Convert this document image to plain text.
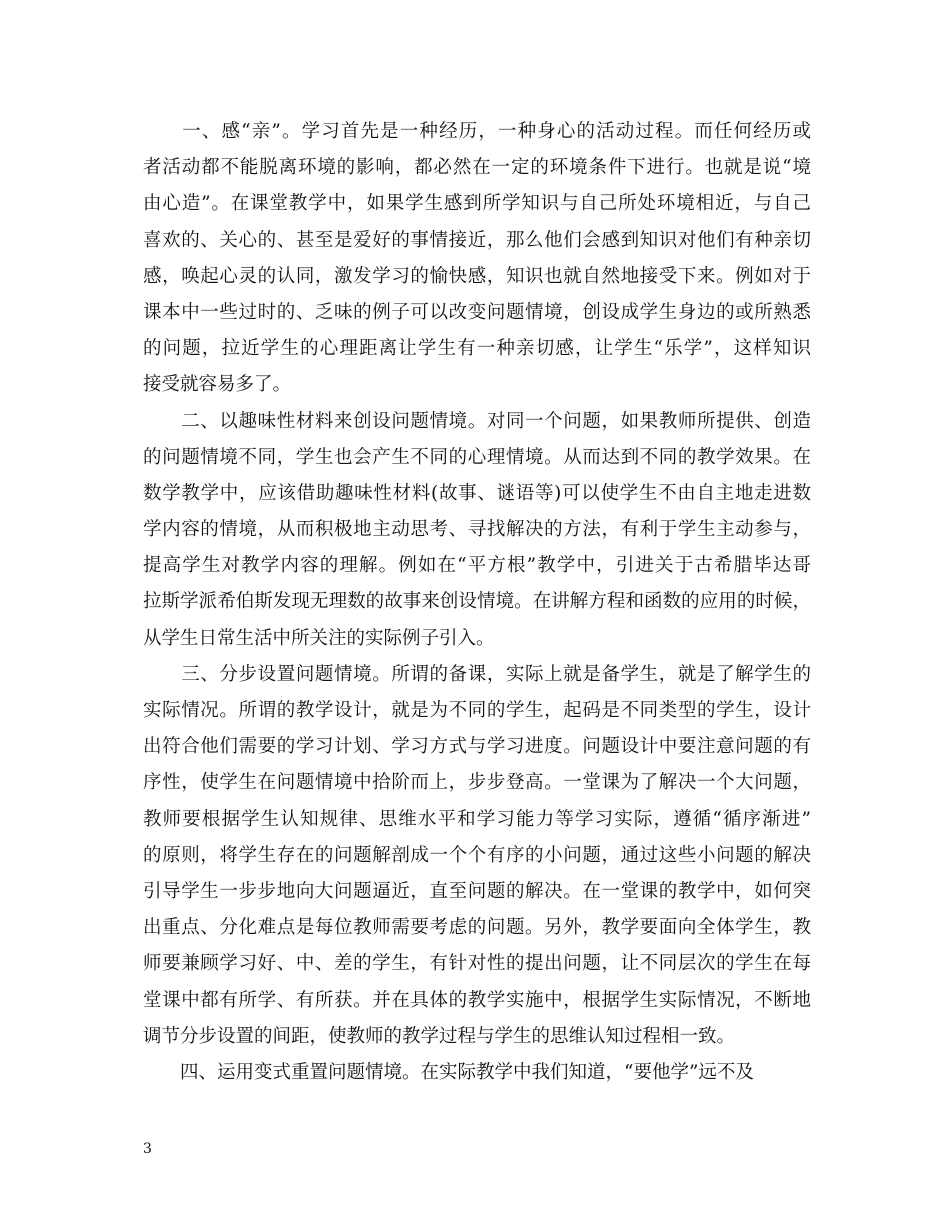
　　一、感“亲”。学习首先是一种经历，一种身心的活动过程。而任何经历或
者活动都不能脱离环境的影响，都必然在一定的环境条件下进行。也就是说“境
由心造”。在课堂教学中，如果学生感到所学知识与自己所处环境相近，与自己
喜欢的、关心的、甚至是爱好的事情接近，那么他们会感到知识对他们有种亲切
感，唤起心灵的认同，激发学习的愉快感，知识也就自然地接受下来。例如对于
课本中一些过时的、乏味的例子可以改变问题情境，创设成学生身边的或所熟悉
的问题，拉近学生的心理距离让学生有一种亲切感，让学生“乐学”，这样知识
接受就容易多了。
　　二、以趣味性材料来创设问题情境。对同一个问题，如果教师所提供、创造
的问题情境不同，学生也会产生不同的心理情境。从而达到不同的教学效果。在
数学教学中，应该借助趣味性材料(故事、谜语等)可以使学生不由自主地走进数
学内容的情境，从而积极地主动思考、寻找解决的方法，有利于学生主动参与，
提高学生对教学内容的理解。例如在“平方根”教学中，引进关于古希腊毕达哥
拉斯学派希伯斯发现无理数的故事来创设情境。在讲解方程和函数的应用的时候，
从学生日常生活中所关注的实际例子引入。
　　三、分步设置问题情境。所谓的备课，实际上就是备学生，就是了解学生的
实际情况。所谓的教学设计，就是为不同的学生，起码是不同类型的学生，设计
出符合他们需要的学习计划、学习方式与学习进度。问题设计中要注意问题的有
序性，使学生在问题情境中拾阶而上，步步登高。一堂课为了解决一个大问题，
教师要根据学生认知规律、思维水平和学习能力等学习实际，遵循“循序渐进”
的原则，将学生存在的问题解剖成一个个有序的小问题，通过这些小问题的解决
引导学生一步步地向大问题逼近，直至问题的解决。在一堂课的教学中，如何突
出重点、分化难点是每位教师需要考虑的问题。另外，教学要面向全体学生，教
师要兼顾学习好、中、差的学生，有针对性的提出问题，让不同层次的学生在每
堂课中都有所学、有所获。并在具体的教学实施中，根据学生实际情况，不断地
调节分步设置的间距，使教师的教学过程与学生的思维认知过程相一致。
　　四、运用变式重置问题情境。在实际教学中我们知道，“要他学”远不及
3
